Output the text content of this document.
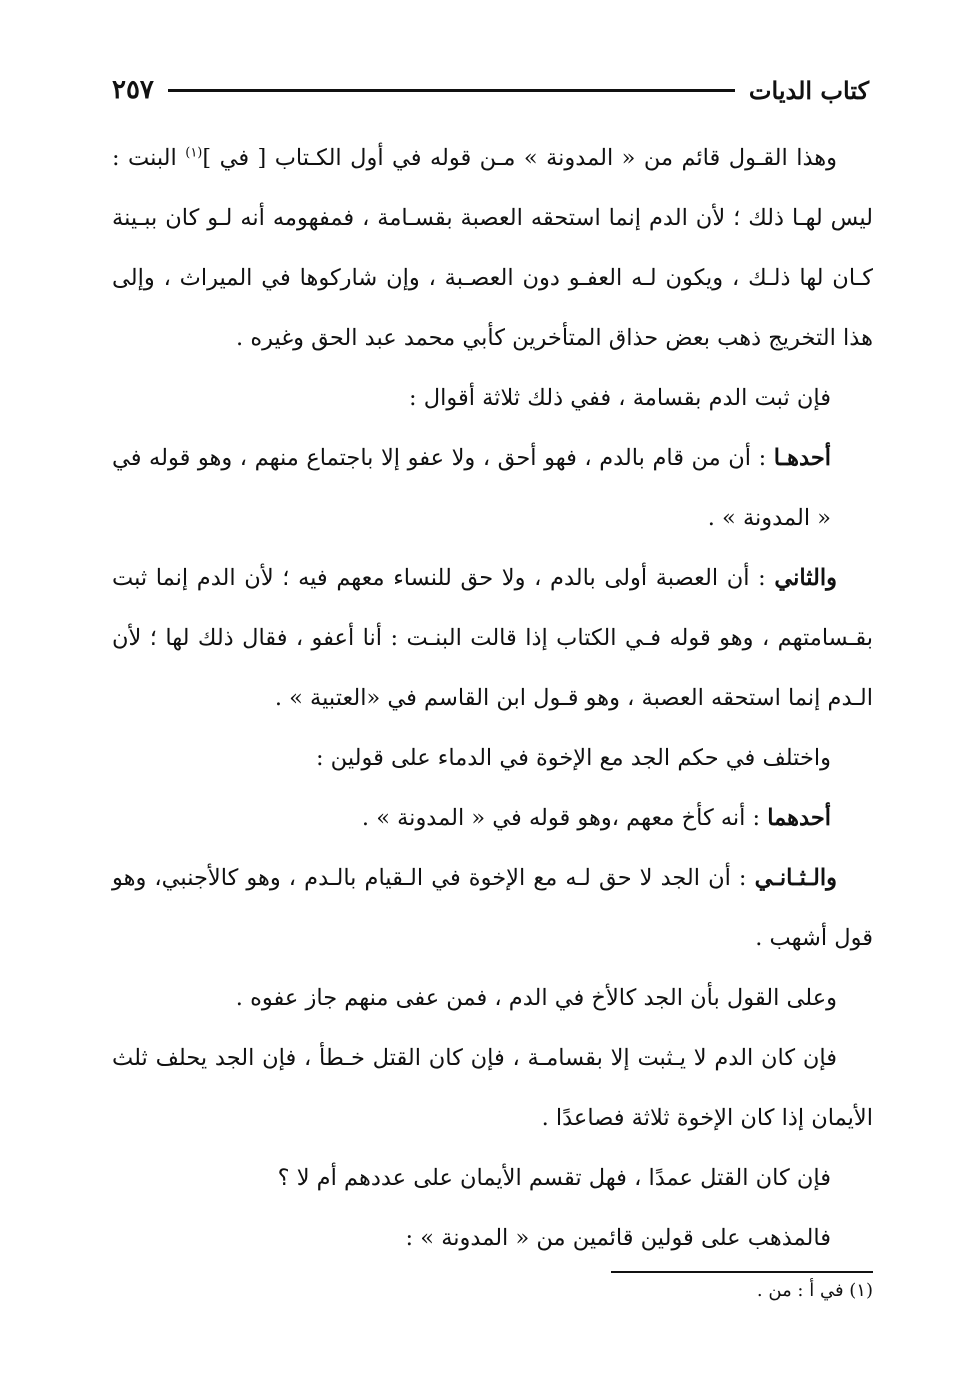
كتاب الديات
٢٥٧

وهذا القـول قائم من « المدونة » مـن قوله في أول الكـتاب [ في ]$^{(١)}$ البنت : ليس لهـا ذلك ؛ لأن الدم إنما استحقه العصبة بقسـامة ، فمفهومه أنه لـو كان ببـينة كـان لها ذلـك ، ويكون لـه العفـو دون العصـبة ، وإن شاركوها في الميراث ، وإلى هذا التخريج ذهب بعض حذاق المتأخرين كأبي محمد عبد الحق وغيره .

فإن ثبت الدم بقسامة ، ففي ذلك ثلاثة أقوال :

أحدهـا : أن من قام بالدم ، فهو أحق ، ولا عفو إلا باجتماع منهم ، وهو قوله في « المدونة » .

والثاني : أن العصبة أولى بالدم ، ولا حق للنساء معهم فيه ؛ لأن الدم إنما ثبت بقـسامتهم ، وهو قوله فـي الكتاب إذا قالت البنـت : أنا أعفو ، فقال ذلك لها ؛ لأن الـدم إنما استحقه العصبة ، وهو قـول ابن القاسم في «العتبية » .

واختلف في حكم الجد مع الإخوة في الدماء على قولين :

أحدهما : أنه كأخ معهم ،وهو قوله في « المدونة » .

والـثـانـي : أن الجد لا حق لـه مع الإخوة في الـقيام بالـدم ، وهو كالأجنبي، وهو قول أشهب .

وعلى القول بأن الجد كالأخ في الدم ، فمن عفى منهم جاز عفوه .

فإن كان الدم لا يـثبت إلا بقسامـة ، فإن كان القتل خـطأ ، فإن الجد يحلف ثلث الأيمان إذا كان الإخوة ثلاثة فصاعدًا .

فإن كان القتل عمدًا ، فهل تقسم الأيمان على عددهم أم لا ؟

فالمذهب على قولين قائمين من « المدونة » :

(١) في أ : من .
